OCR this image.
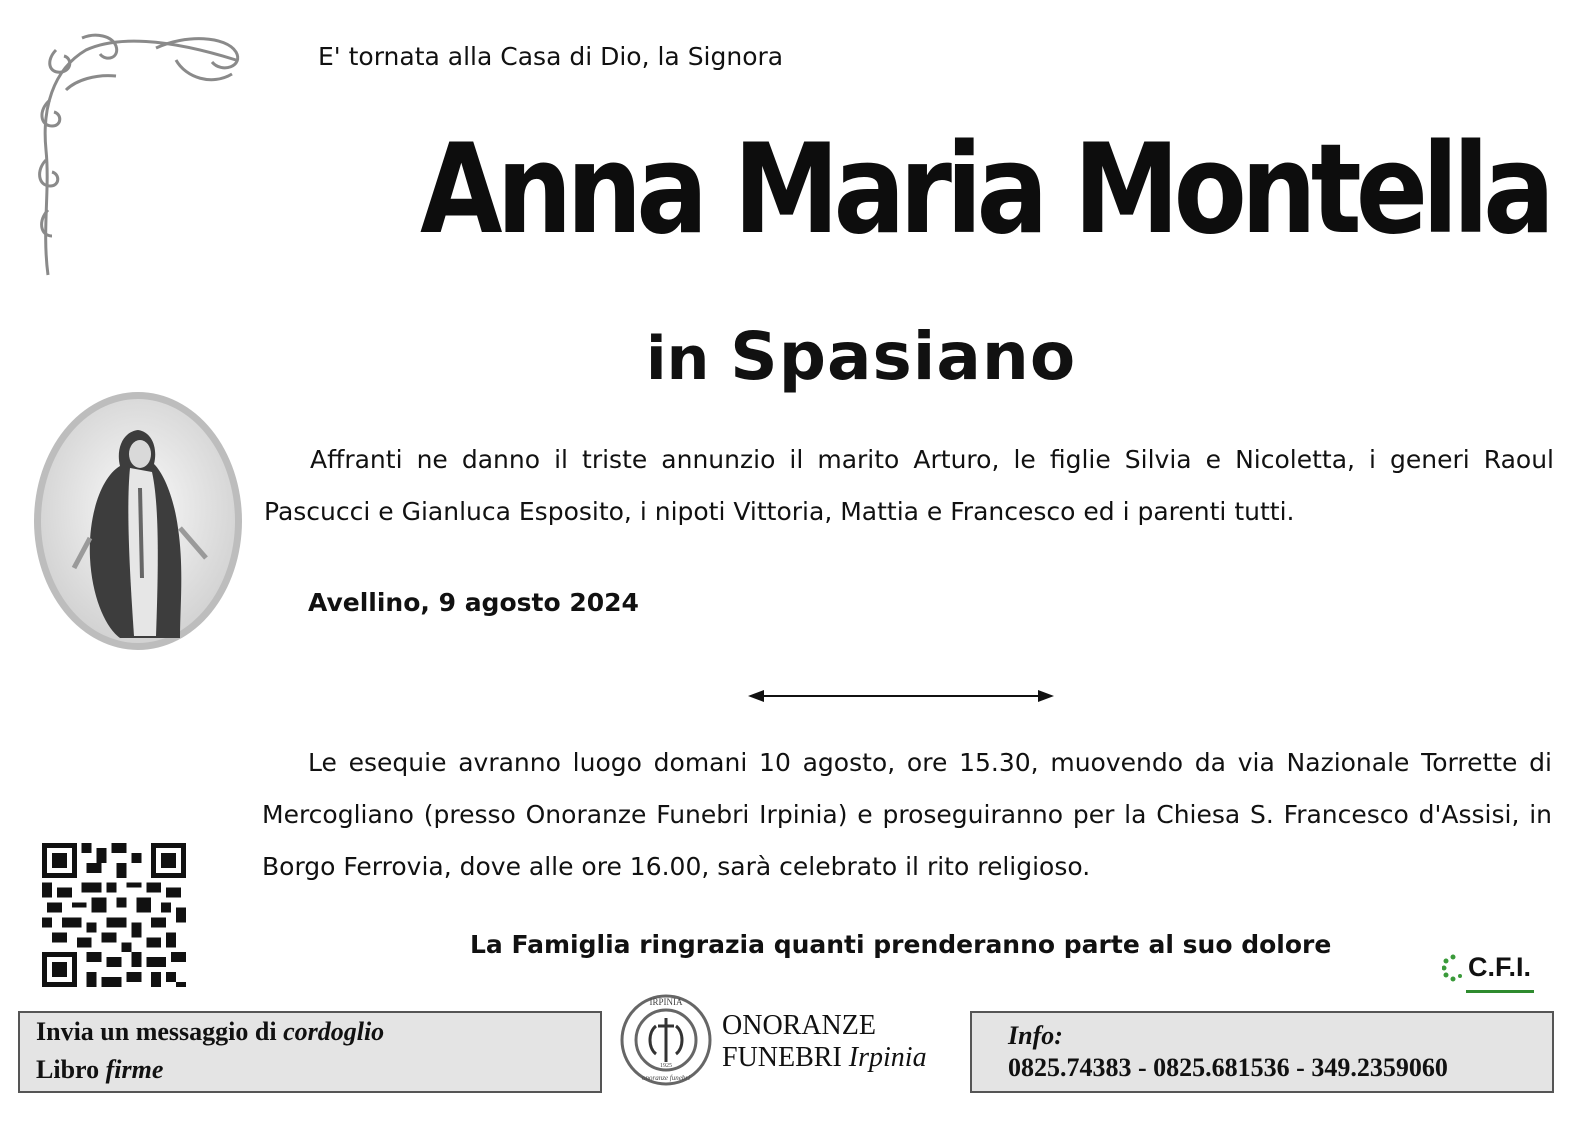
E' tornata alla Casa di Dio, la Signora
Anna Maria Montella
in Spasiano
Affranti ne danno il triste annunzio il marito Arturo, le figlie Silvia e Nicoletta, i generi Raoul Pascucci e Gianluca Esposito, i nipoti Vittoria, Mattia e Francesco ed i parenti tutti.
Avellino, 9 agosto 2024
Le esequie avranno luogo domani 10 agosto, ore 15.30, muovendo da via Nazionale Torrette di Mercogliano (presso Onoranze Funebri Irpinia) e proseguiranno per la Chiesa S. Francesco d'Assisi, in Borgo Ferrovia, dove alle ore 16.00, sarà celebrato il rito religioso.
La Famiglia ringrazia quanti prenderanno parte al suo dolore
C.F.I.
Invia un messaggio di cordoglio
Libro firme
IRPINIA
1925
onoranze funebri
ONORANZE
FUNEBRI Irpinia
Info:
0825.74383 - 0825.681536 - 349.2359060
